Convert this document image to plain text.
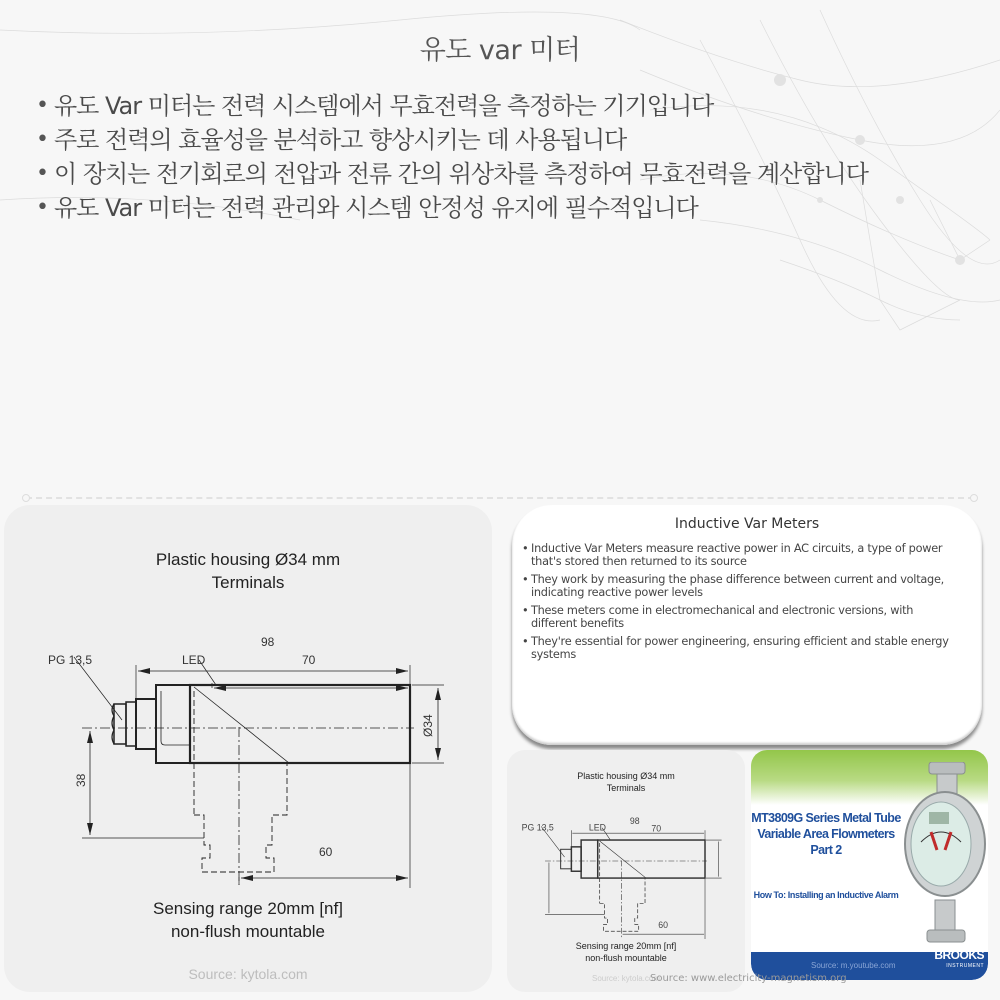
유도 var 미터
• 유도 Var 미터는 전력 시스템에서 무효전력을 측정하는 기기입니다
• 주로 전력의 효율성을 분석하고 향상시키는 데 사용됩니다
• 이 장치는 전기회로의 전압과 전류 간의 위상차를 측정하여 무효전력을 계산합니다
• 유도 Var 미터는 전력 관리와 시스템 안정성 유지에 필수적입니다
Plastic housing Ø34 mm
Terminals
98
70
PG 13,5	LED
60
Ø34
38
Sensing range 20mm [nf]
non-flush mountable
Source: kytola.com
Inductive Var Meters
• Inductive Var Meters measure reactive power in AC circuits, a type of power that's stored then returned to its source
• They work by measuring the phase difference between current and voltage, indicating reactive power levels
• These meters come in electromechanical and electronic versions, with different benefits
• They're essential for power engineering, ensuring efficient and stable energy systems
Plastic housing Ø34 mm
Terminals
98
70
PG 13,5 LED
60
Sensing range 20mm [nf]
non-flush mountable
Source: kytola.com
MT3809G Series Metal Tube
Variable Area Flowmeters
Part 2
How To: Installing an Inductive Alarm
Source: m.youtube.com
BROOKS
INSTRUMENT
Source: www.electricity-magnetism.org
